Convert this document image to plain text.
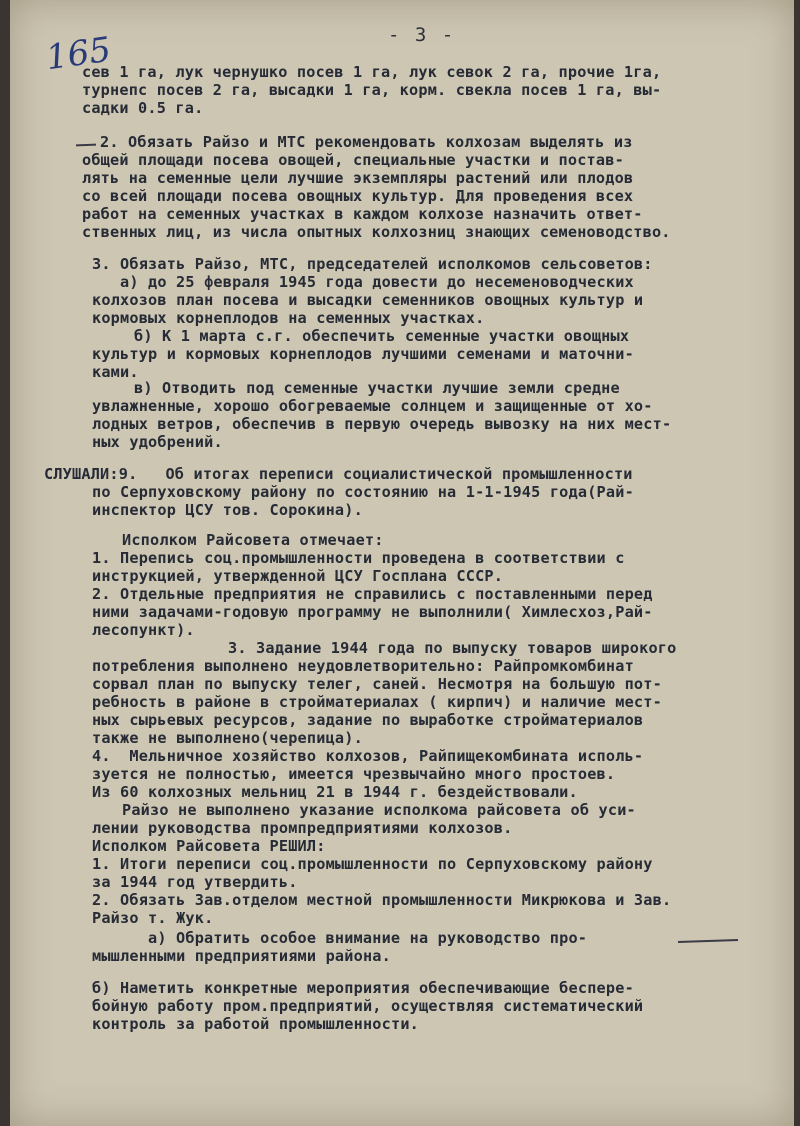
- 3 -
165
сев 1 га, лук чернушко посев 1 га, лук севок 2 га, прочие 1га,
турнепс посев 2 га, высадки 1 га, корм. свекла посев 1 га, вы-
садки 0.5 га.
2. Обязать Райзо и МТС рекомендовать колхозам выделять из
общей площади посева овощей, специальные участки и постав-
лять на семенные цели лучшие экземпляры растений или плодов
со всей площади посева овощных культур. Для проведения всех
работ на семенных участках в каждом колхозе назначить ответ-
ственных лиц, из числа опытных колхозниц знающих семеноводство.
3. Обязать Райзо, МТС, председателей исполкомов сельсоветов:
а) до 25 февраля 1945 года довести до несеменоводческих
колхозов план посева и высадки семенников овощных культур и
кормовых корнеплодов на семенных участках.
б) К 1 марта с.г. обеспечить семенные участки овощных
культур и кормовых корнеплодов лучшими семенами и маточни-
ками.
в) Отводить под семенные участки лучшие земли средне
увлажненные, хорошо обогреваемые солнцем и защищенные от хо-
лодных ветров, обеспечив в первую очередь вывозку на них мест-
ных удобрений.
СЛУШАЛИ:9.   Об итогах переписи социалистической промышленности
по Серпуховскому району по состоянию на 1-1-1945 года(Рай-
инспектор ЦСУ тов. Сорокина).
Исполком Райсовета отмечает:
1. Перепись соц.промышленности проведена в соответствии с
инструкцией, утвержденной ЦСУ Госплана СССР.
2. Отдельные предприятия не справились с поставленными перед
ними задачами-годовую программу не выполнили( Химлесхоз,Рай-
лесопункт).
3. Задание 1944 года по выпуску товаров широкого
потребления выполнено неудовлетворительно: Райпромкомбинат
сорвал план по выпуску телег, саней. Несмотря на большую пот-
ребность в районе в стройматериалах ( кирпич) и наличие мест-
ных сырьевых ресурсов, задание по выработке стройматериалов
также не выполнено(черепица).
4.  Мельничное хозяйство колхозов, Райпищекомбината исполь-
зуется не полностью, имеется чрезвычайно много простоев.
Из 60 колхозных мельниц 21 в 1944 г. бездействовали.
Райзо не выполнено указание исполкома райсовета об уси-
лении руководства промпредприятиями колхозов.
Исполком Райсовета РЕШИЛ:
1. Итоги переписи соц.промышленности по Серпуховскому району
за 1944 год утвердить.
2. Обязать Зав.отделом местной промышленности Микрюкова и Зав.
Райзо т. Жук.
а) Обратить особое внимание на руководство про-
мышленными предприятиями района.
б) Наметить конкретные мероприятия обеспечивающие беспере-
бойную работу пром.предприятий, осуществляя систематический
контроль за работой промышленности.
